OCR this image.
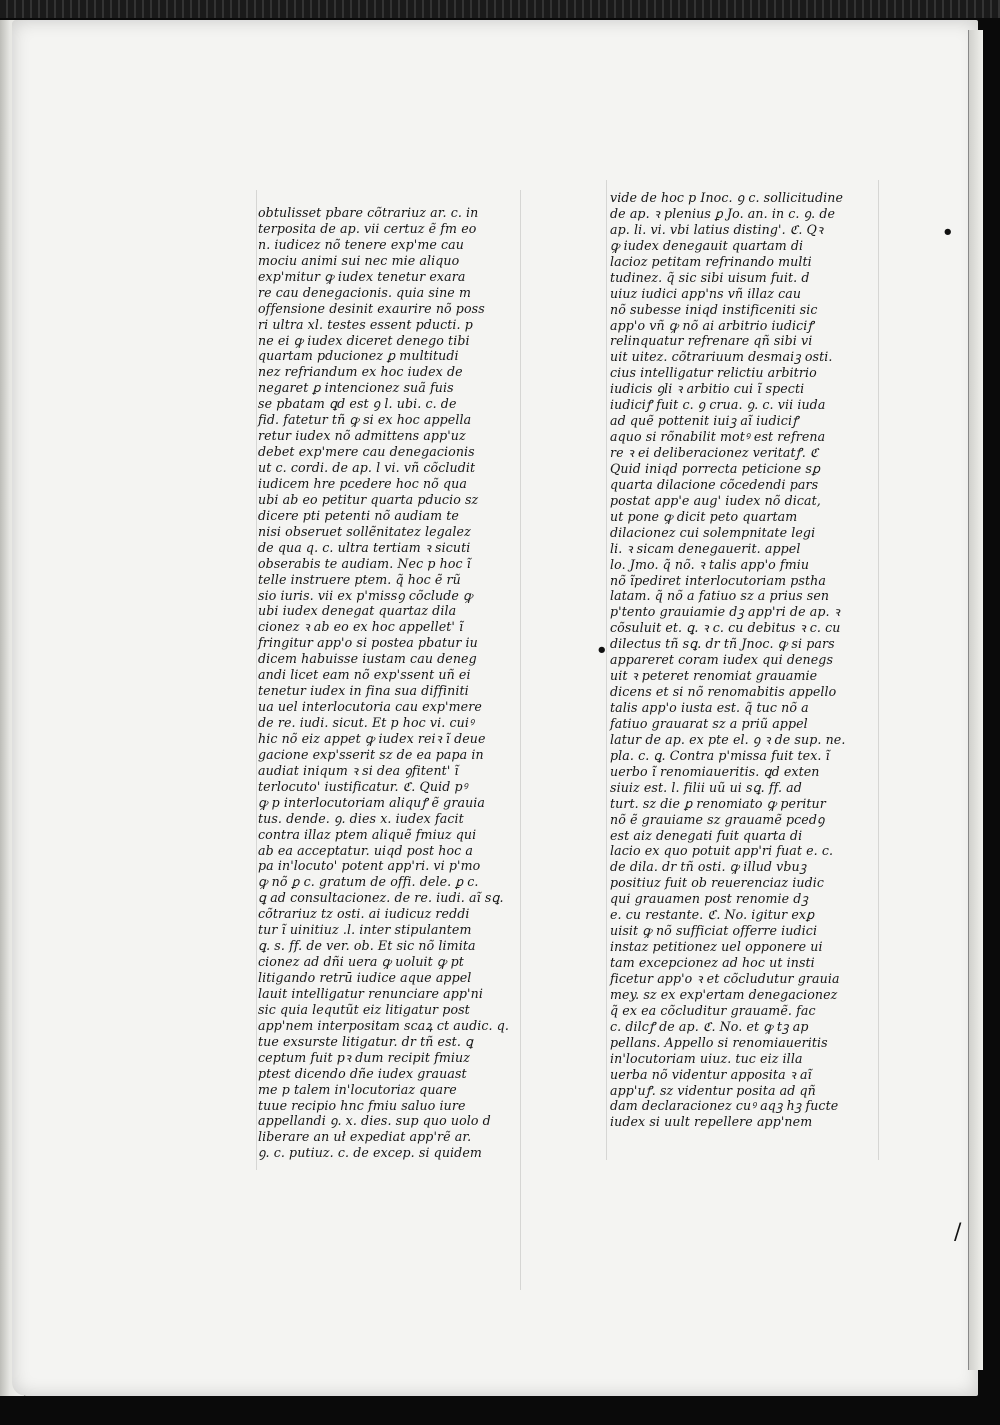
obtulisset pbare cõtrariuz ar. c. in
terposita de ap. vii certuz ẽ fm eo
n. iudicez nõ tenere exp'me cau
mociu animi sui nec mie aliquo
exp'mitur ꝙ iudex tenetur exara
re cau denegacionis. quia sine m
offensione desinit exaurire nõ poss
ri ultra xl. testes essent pducti. p
ne ei ꝙ iudex diceret denego tibi
quartam pducionez ꝑ multitudi
nez refriandum ex hoc iudex de
negaret ꝑ intencionez suã fuis
se pbatam ꝗd est ꝯ l. ubi. c. de
fid. fatetur tñ ꝙ si ex hoc appella
retur iudex nõ admittens app'uz
debet exp'mere cau denegacionis
ut c. cordi. de ap. l vi. vñ cõcludit
iudicem hre pcedere hoc nõ qua
ubi ab eo petitur quarta pducio sz
dicere pti petenti nõ audiam te
nisi obseruet sollẽnitatez legalez
de qua q. c. ultra tertiam ꝛ sicuti
obserabis te audiam. Nec p hoc ĩ
telle instruere ptem. q̃ hoc ẽ rũ
sio iuris. vii ex p'missꝯ cõclude ꝙ
ubi iudex denegat quartaz dila
cionez ꝛ ab eo ex hoc appellet' ĩ
fringitur app'o si postea pbatur iu
dicem habuisse iustam cau deneg
andi licet eam nõ exp'ssent uñ ei
tenetur iudex in fina sua diffiniti
ua uel interlocutoria cau exp'mere
de re. iudi. sicut. Et p hoc vi. cuiꝰ
hic nõ eiz appet ꝙ iudex reiꝛ ĩ deue
gacione exp'sserit sz de ea papa in
audiat iniqum ꝛ si dea ꝯfitent' ĩ
terlocuto' iustificatur. ℭ. Quid pꝰ
ꝙ p interlocutoriam aliquꝭ ẽ grauia
tus. dende. ꝯ. dies x. iudex facit
contra illaz ptem aliquẽ fmiuz qui
ab ea acceptatur. uiqd post hoc a
pa in'locuto' potent app'ri. vi p'mo
ꝙ nõ ꝑ c. gratum de offi. dele. ꝑ c.
ꝗ ad consultacionez. de re. iudi. aĩ sꝗ.
cõtrariuz tz osti. ai iudicuz reddi
tur ĩ uinitiuz .l. inter stipulantem
ꝗ. s. ff. de ver. ob. Et sic nõ limita
cionez ad dñi uera ꝙ uoluit ꝙ pt
litigando retrū iudice aque appel
lauit intelligatur renunciare app'ni
sic quia lequtũt eiz litigatur post
app'nem interpositam scaꝝ ct audic. q.
tue exsurste litigatur. dr tñ est. ꝗ
ceptum fuit pꝛ dum recipit fmiuz
ptest dicendo dñe iudex grauast
me p talem in'locutoriaz quare
tuue recipio hnc fmiu saluo iure
appellandi ꝯ. x. dies. sup quo uolo d
liberare an uł expediat app'rẽ ar.
ꝯ. c. putiuz. c. de excep. si quidem
vide de hoc p Inoc. ꝯ c. sollicitudine
de ap. ꝛ plenius ꝑ Jo. an. in c. ꝯ. de
ap. li. vi. vbi latius disting'. ℭ. Qꝛ
ꝙ iudex denegauit quartam di
lacioz petitam refrinando multi
tudinez. q̃ sic sibi uisum fuit. d
uiuz iudici app'ns vñ illaz cau
nõ subesse iniqd instificeniti sic
app'o vñ ꝙ nõ ai arbitrio iudiciꝭ
relinquatur refrenare qñ sibi vi
uit uitez. cõtrariuum desmaiꝫ osti.
cius intelligatur relictiu arbitrio
iudicis ꝯli ꝛ arbitio cui ĩ specti
iudiciꝭ fuit c. ꝯ crua. ꝯ. c. vii iuda
ad quẽ pottenit iuiꝫ aĩ iudiciꝭ
aquo si rõnabilit motꝰ est refrena
re ꝛ ei deliberacionez veritatꝭ. ℭ
Quid iniqd porrecta peticione sꝑ
quarta dilacione cõcedendi pars
postat app'e aug' iudex nõ dicat,
ut pone ꝙ dicit peto quartam
dilacionez cui solempnitate legi
li. ꝛ sicam denegauerit. appel
lo. Jmo. q̃ nõ. ꝛ talis app'o fmiu
nõ ĩpediret interlocutoriam pstha
latam. q̃ nõ a fatiuo sz a prius sen
p'tento grauiamie dꝫ app'ri de ap. ꝛ
cõsuluit et. ꝗ. ꝛ c. cu debitus ꝛ c. cu
dilectus tñ sꝗ. dr tñ Jnoc. ꝙ si pars
appareret coram iudex qui denegs
uit ꝛ peteret renomiat grauamie
dicens et si nõ renomabitis appello
talis app'o iusta est. q̃ tuc nõ a
fatiuo grauarat sz a priũ appel
latur de ap. ex pte el. ꝯ ꝛ de sup. ne.
pla. c. ꝗ. Contra p'missa fuit tex. ĩ
uerbo ĩ renomiaueritis. ꝗd exten
siuiz est. l. filii uũ ui sꝗ. ff. ad
turt. sz die ꝑ renomiato ꝙ peritur
nõ ẽ grauiame sz grauamẽ pcedꝯ
est aiz denegati fuit quarta di
lacio ex quo potuit app'ri fuat e. c.
de dila. dr tñ osti. ꝙ illud vbuꝫ
positiuz fuit ob reuerenciaz iudic
qui grauamen post renomie dꝫ
e. cu restante. ℭ. No. igitur exꝑ
uisit ꝙ nõ sufficiat offerre iudici
instaz petitionez uel opponere ui
tam excepcionez ad hoc ut insti
ficetur app'o ꝛ et cõcludutur grauia
mey. sz ex exp'ertam denegacionez
q̃ ex ea cõcluditur grauamẽ. fac
c. dilcꝭ de ap. ℭ. No. et ꝙ tꝫ ap
pellans. Appello si renomiaueritis
in'locutoriam uiuz. tuc eiz illa
uerba nõ videntur apposita ꝛ aĩ
app'uꝭ. sz videntur posita ad qñ
dam declaracionez cuꝰ aqꝫ hꝫ fucte
iudex si uult repellere app'nem
•
•
/
